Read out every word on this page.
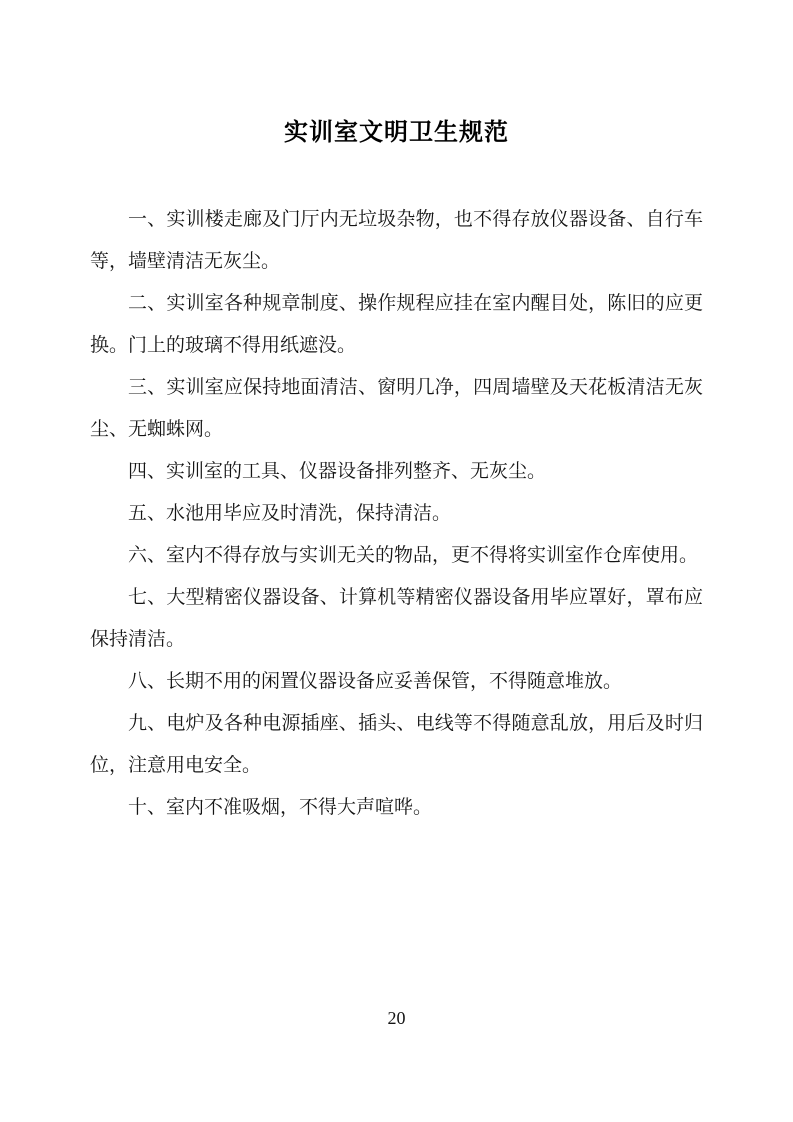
实训室文明卫生规范

一、实训楼走廊及门厅内无垃圾杂物，也不得存放仪器设备、自行车等，墙壁清洁无灰尘。

二、实训室各种规章制度、操作规程应挂在室内醒目处，陈旧的应更换。门上的玻璃不得用纸遮没。

三、实训室应保持地面清洁、窗明几净，四周墙壁及天花板清洁无灰尘、无蜘蛛网。

四、实训室的工具、仪器设备排列整齐、无灰尘。

五、水池用毕应及时清洗，保持清洁。

六、室内不得存放与实训无关的物品，更不得将实训室作仓库使用。

七、大型精密仪器设备、计算机等精密仪器设备用毕应罩好，罩布应保持清洁。

八、长期不用的闲置仪器设备应妥善保管，不得随意堆放。

九、电炉及各种电源插座、插头、电线等不得随意乱放，用后及时归位，注意用电安全。

十、室内不准吸烟，不得大声喧哗。

20
